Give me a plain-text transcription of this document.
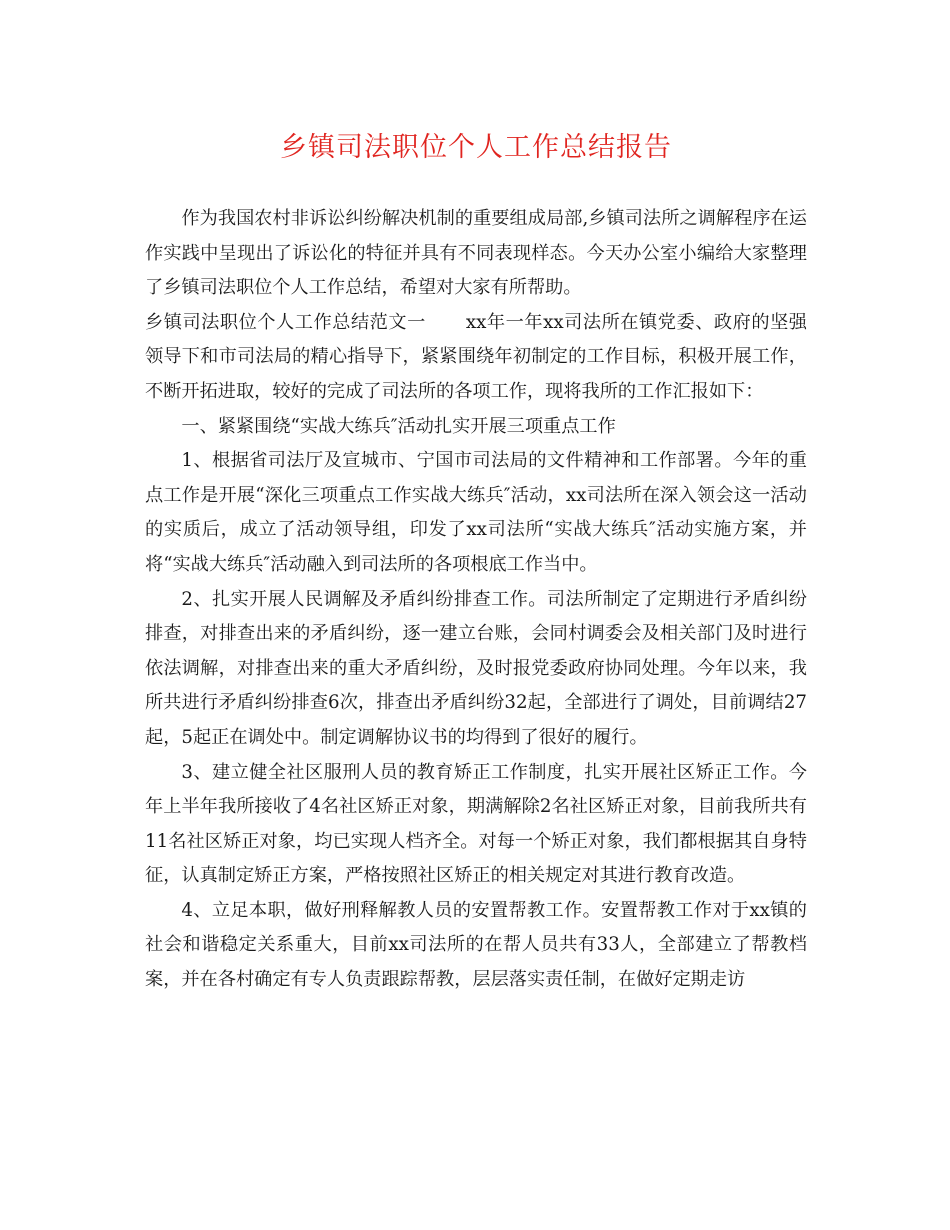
乡镇司法职位个人工作总结报告

作为我国农村非诉讼纠纷解决机制的重要组成局部,乡镇司法所之调解程序在运作实践中呈现出了诉讼化的特征并具有不同表现样态。今天办公室小编给大家整理了乡镇司法职位个人工作总结，希望对大家有所帮助。

乡镇司法职位个人工作总结范文一 xx年一年xx司法所在镇党委、政府的坚强领导下和市司法局的精心指导下，紧紧围绕年初制定的工作目标，积极开展工作，不断开拓进取，较好的完成了司法所的各项工作，现将我所的工作汇报如下：

一、紧紧围绕“实战大练兵″活动扎实开展三项重点工作

1、根据省司法厅及宣城市、宁国市司法局的文件精神和工作部署。今年的重点工作是开展“深化三项重点工作实战大练兵″活动，xx司法所在深入领会这一活动的实质后，成立了活动领导组，印发了xx司法所“实战大练兵″活动实施方案，并将“实战大练兵″活动融入到司法所的各项根底工作当中。

2、扎实开展人民调解及矛盾纠纷排查工作。司法所制定了定期进行矛盾纠纷排查，对排查出来的矛盾纠纷，逐一建立台账，会同村调委会及相关部门及时进行依法调解，对排查出来的重大矛盾纠纷，及时报党委政府协同处理。今年以来，我所共进行矛盾纠纷排查6次，排查出矛盾纠纷32起，全部进行了调处，目前调结27起，5起正在调处中。制定调解协议书的均得到了很好的履行。

3、建立健全社区服刑人员的教育矫正工作制度，扎实开展社区矫正工作。今年上半年我所接收了4名社区矫正对象，期满解除2名社区矫正对象，目前我所共有11名社区矫正对象，均已实现人档齐全。对每一个矫正对象，我们都根据其自身特征，认真制定矫正方案，严格按照社区矫正的相关规定对其进行教育改造。

4、立足本职，做好刑释解教人员的安置帮教工作。安置帮教工作对于xx镇的社会和谐稳定关系重大，目前xx司法所的在帮人员共有33人，全部建立了帮教档案，并在各村确定有专人负责跟踪帮教，层层落实责任制，在做好定期走访
